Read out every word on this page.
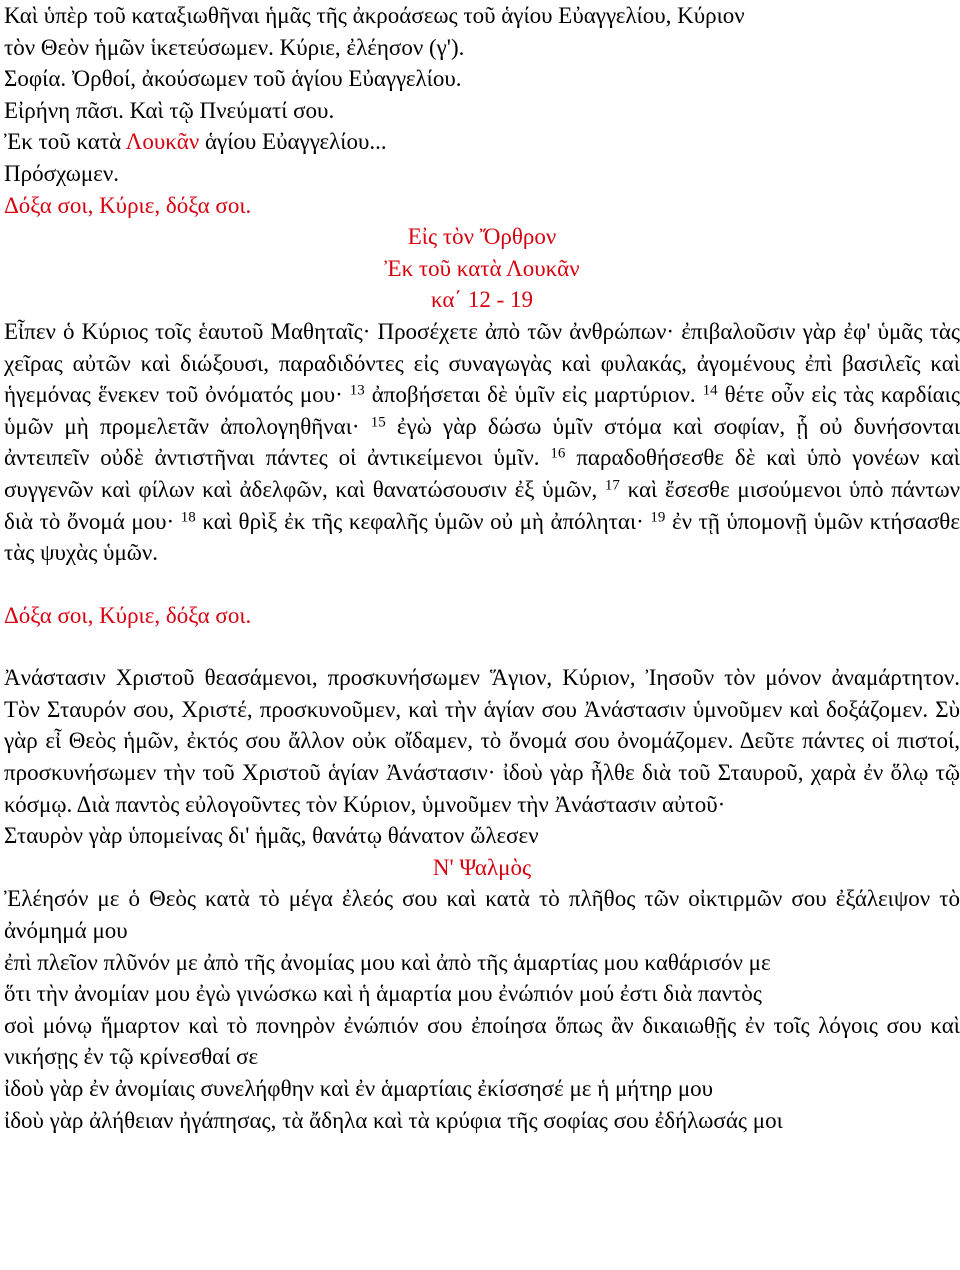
Καὶ ὑπὲρ τοῦ καταξιωθῆναι ἡμᾶς τῆς ἀκροάσεως τοῦ ἁγίου Εὐαγγελίου, Κύριον

τὸν Θεὸν ἡμῶν ἱκετεύσωμεν. Κύριε, ἐλέησον (γ').

Σοφία. Ὀρθοί, ἀκούσωμεν τοῦ ἁγίου Εὐαγγελίου.

Εἰρήνη πᾶσι. Καὶ τῷ Πνεύματί σου.

Ἐκ τοῦ κατὰ Λουκᾶν ἁγίου Εὐαγγελίου...

Πρόσχωμεν.

Δόξα σοι, Κύριε, δόξα σοι.

Εἰς τὸν Ὄρθρον

Ἐκ τοῦ κατὰ Λουκᾶν

κα΄ 12 - 19

Εἶπεν ὁ Κύριος τοῖς ἑαυτοῦ Μαθηταῖς· Προσέχετε ἀπὸ τῶν ἀνθρώπων· ἐπιβαλοῦσιν γὰρ ἐφ' ὑμᾶς τὰς χεῖρας αὐτῶν καὶ διώξουσι, παραδιδόντες εἰς συναγωγὰς καὶ φυλακάς, ἀγομένους ἐπὶ βασιλεῖς καὶ ἡγεμόνας ἕνεκεν τοῦ ὀνόματός μου· $^{13}$ ἀποβήσεται δὲ ὑμῖν εἰς μαρτύριον. $^{14}$ θέτε οὖν εἰς τὰς καρδίαις ὑμῶν μὴ προμελετᾶν ἀπολογηθῆναι· $^{15}$ ἐγὼ γὰρ δώσω ὑμῖν στόμα καὶ σοφίαν, ᾗ οὐ δυνήσονται ἀντειπεῖν οὐδὲ ἀντιστῆναι πάντες οἱ ἀντικείμενοι ὑμῖν. $^{16}$ παραδοθήσεσθε δὲ καὶ ὑπὸ γονέων καὶ συγγενῶν καὶ φίλων καὶ ἀδελφῶν, καὶ θανατώσουσιν ἐξ ὑμῶν, $^{17}$ καὶ ἔσεσθε μισούμενοι ὑπὸ πάντων διὰ τὸ ὄνομά μου· $^{18}$ καὶ θρὶξ ἐκ τῆς κεφαλῆς ὑμῶν οὐ μὴ ἀπόληται· $^{19}$ ἐν τῇ ὑπομονῇ ὑμῶν κτήσασθε τὰς ψυχὰς ὑμῶν.

Δόξα σοι, Κύριε, δόξα σοι.

Ἀνάστασιν Χριστοῦ θεασάμενοι, προσκυνήσωμεν Ἅγιον, Κύριον, Ἰησοῦν τὸν μόνον ἀναμάρτητον. Τὸν Σταυρόν σου, Χριστέ, προσκυνοῦμεν, καὶ τὴν ἁγίαν σου Ἀνάστασιν ὑμνοῦμεν καὶ δοξάζομεν. Σὺ γὰρ εἶ Θεὸς ἡμῶν, ἐκτός σου ἄλλον οὐκ οἴδαμεν, τὸ ὄνομά σου ὀνομάζομεν. Δεῦτε πάντες οἱ πιστοί, προσκυνήσωμεν τὴν τοῦ Χριστοῦ ἁγίαν Ἀνάστασιν· ἰδοὺ γὰρ ἦλθε διὰ τοῦ Σταυροῦ, χαρὰ ἐν ὅλῳ τῷ κόσμῳ. Διὰ παντὸς εὐλογοῦντες τὸν Κύριον, ὑμνοῦμεν τὴν Ἀνάστασιν αὐτοῦ·

Σταυρὸν γὰρ ὑπομείνας δι' ἡμᾶς, θανάτῳ θάνατον ὤλεσεν

Ν' Ψαλμὸς

Ἐλέησόν με ὁ Θεὸς κατὰ τὸ μέγα ἐλεός σου καὶ κατὰ τὸ πλῆθος τῶν οἰκτιρμῶν σου ἐξάλειψον τὸ ἀνόμημά μου

ἐπὶ πλεῖον πλῦνόν με ἀπὸ τῆς ἀνομίας μου καὶ ἀπὸ τῆς ἁμαρτίας μου καθάρισόν με

ὅτι τὴν ἀνομίαν μου ἐγὼ γινώσκω καὶ ἡ ἁμαρτία μου ἐνώπιόν μού ἐστι διὰ παντὸς

σοὶ μόνῳ ἥμαρτον καὶ τὸ πονηρὸν ἐνώπιόν σου ἐποίησα ὅπως ἂν δικαιωθῇς ἐν τοῖς λόγοις σου καὶ νικήσῃς ἐν τῷ κρίνεσθαί σε

ἰδοὺ γὰρ ἐν ἀνομίαις συνελήφθην καὶ ἐν ἁμαρτίαις ἐκίσσησέ με ἡ μήτηρ μου

ἰδοὺ γὰρ ἀλήθειαν ἠγάπησας, τὰ ἄδηλα καὶ τὰ κρύφια τῆς σοφίας σου ἐδήλωσάς μοι
